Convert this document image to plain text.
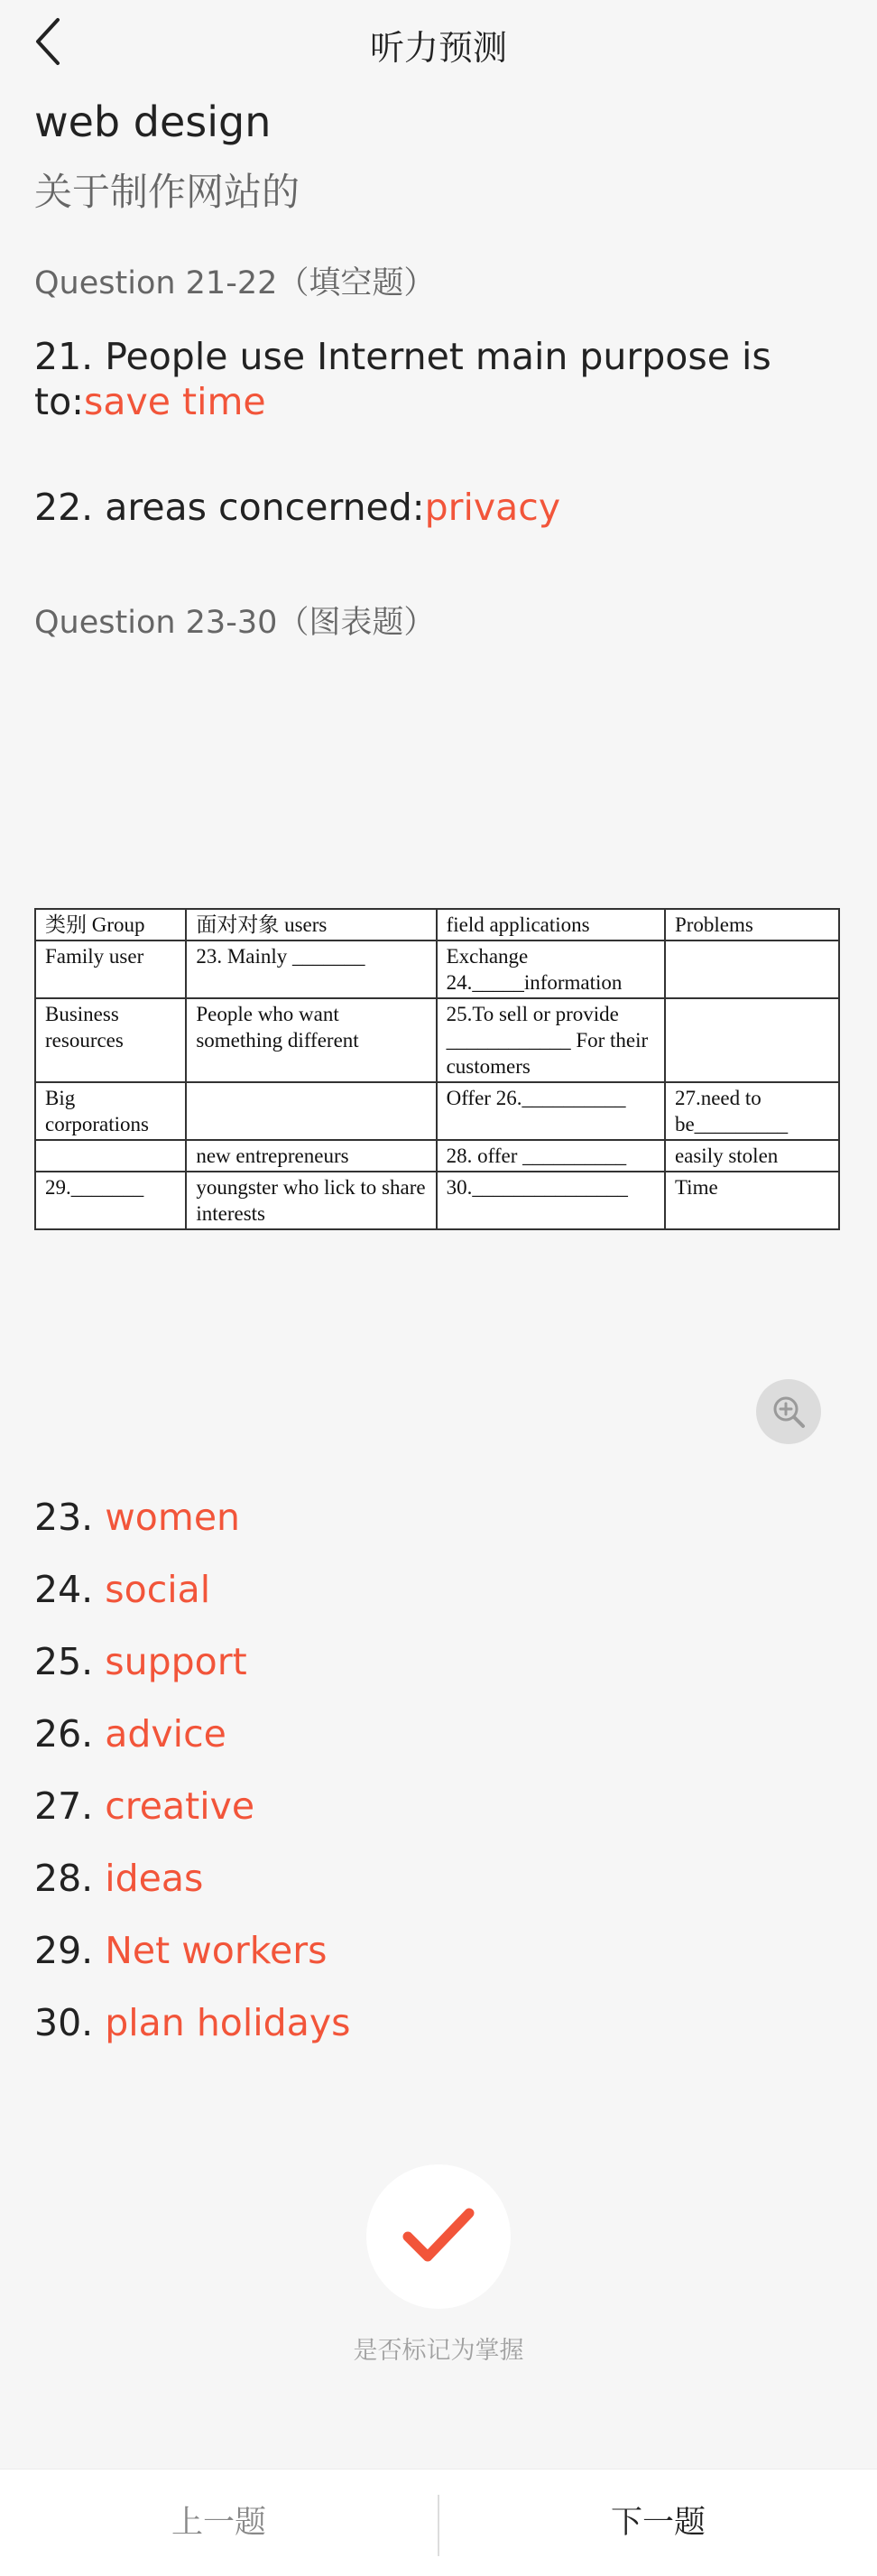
听力预测
web design
关于制作网站的
Question 21-22（填空题）
21. People use Internet main purpose is to:save time
22. areas concerned:privacy
Question 23-30（图表题）
类别 Group	面对对象 users	field applications	Problems
Family user	23. Mainly _______	Exchange 24._____information	
Business resources	People who want something different	25.To sell or provide ____________ For their customers	
Big corporations		Offer 26.__________	27.need to be_________
	new entrepreneurs	28. offer __________	easily stolen
29._______	youngster who lick to share interests	30._______________	Time
23. women
24. social
25. support
26. advice
27. creative
28. ideas
29. Net workers
30. plan holidays
是否标记为掌握
上一题	下一题
